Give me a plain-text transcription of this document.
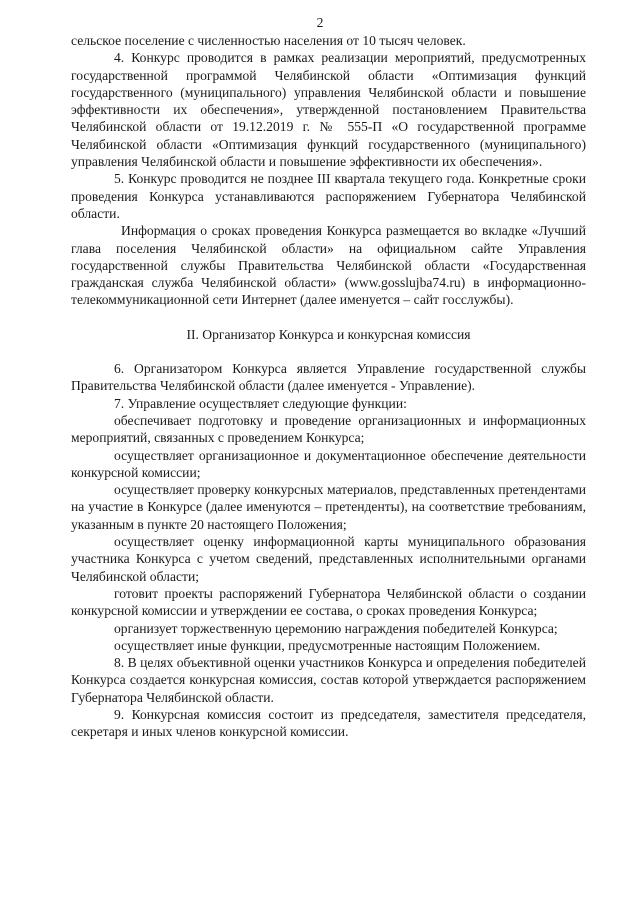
2

сельское поселение с численностью населения от 10 тысяч человек.

4. Конкурс проводится в рамках реализации мероприятий, предусмотренных государственной программой Челябинской области «Оптимизация функций государственного (муниципального) управления Челябинской области и повышение эффективности их обеспечения», утвержденной постановлением Правительства Челябинской области от 19.12.2019 г. № 555-П «О государственной программе Челябинской области «Оптимизация функций государственного (муниципального) управления Челябинской области и повышение эффективности их обеспечения».

5. Конкурс проводится не позднее III квартала текущего года. Конкретные сроки проведения Конкурса устанавливаются распоряжением Губернатора Челябинской области.

Информация о сроках проведения Конкурса размещается во вкладке «Лучший глава поселения Челябинской области» на официальном сайте Управления государственной службы Правительства Челябинской области «Государственная гражданская служба Челябинской области» (www.gosslujba74.ru) в информационно-телекоммуникационной сети Интернет (далее именуется – сайт госслужбы).

II. Организатор Конкурса и конкурсная комиссия

6. Организатором Конкурса является Управление государственной службы Правительства Челябинской области (далее именуется - Управление).

7. Управление осуществляет следующие функции:

обеспечивает подготовку и проведение организационных и информационных мероприятий, связанных с проведением Конкурса;

осуществляет организационное и документационное обеспечение деятельности конкурсной комиссии;

осуществляет проверку конкурсных материалов, представленных претендентами на участие в Конкурсе (далее именуются – претенденты), на соответствие требованиям, указанным в пункте 20 настоящего Положения;

осуществляет оценку информационной карты муниципального образования участника Конкурса с учетом сведений, представленных исполнительными органами Челябинской области;

готовит проекты распоряжений Губернатора Челябинской области о создании конкурсной комиссии и утверждении ее состава, о сроках проведения Конкурса;

организует торжественную церемонию награждения победителей Конкурса;

осуществляет иные функции, предусмотренные настоящим Положением.

8. В целях объективной оценки участников Конкурса и определения победителей Конкурса создается конкурсная комиссия, состав которой утверждается распоряжением Губернатора Челябинской области.

9. Конкурсная комиссия состоит из председателя, заместителя председателя, секретаря и иных членов конкурсной комиссии.
